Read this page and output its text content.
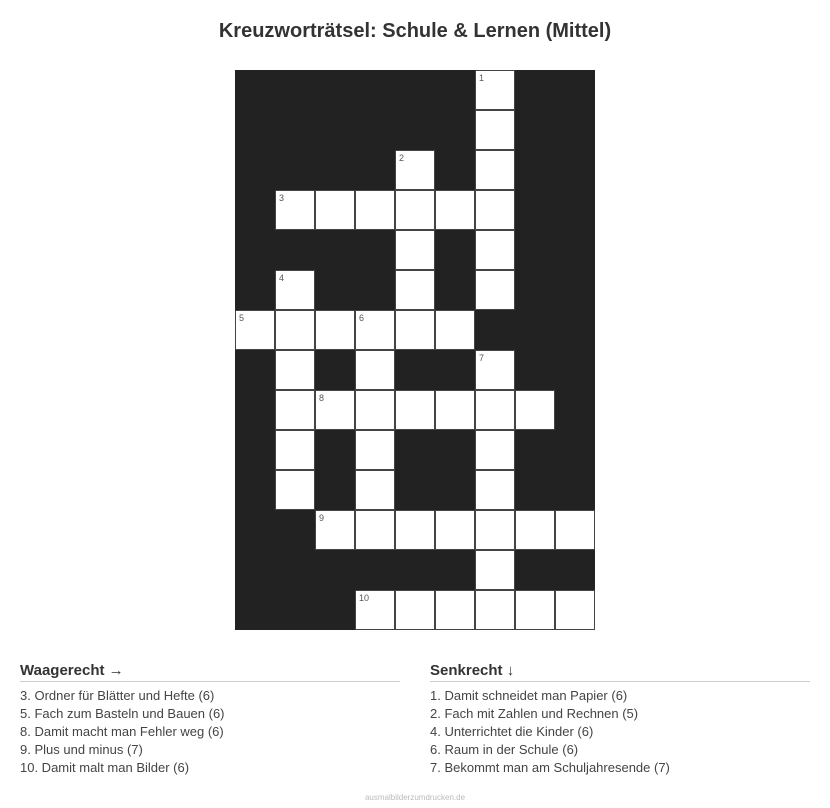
Kreuzworträtsel: Schule & Lernen (Mittel)
1
2
3
4
5	6
7
8
9
10
Waagerecht →
3. Ordner für Blätter und Hefte (6)
5. Fach zum Basteln und Bauen (6)
8. Damit macht man Fehler weg (6)
9. Plus und minus (7)
10. Damit malt man Bilder (6)
Senkrecht ↓
1. Damit schneidet man Papier (6)
2. Fach mit Zahlen und Rechnen (5)
4. Unterrichtet die Kinder (6)
6. Raum in der Schule (6)
7. Bekommt man am Schuljahresende (7)
ausmalbilderzumdrucken.de
